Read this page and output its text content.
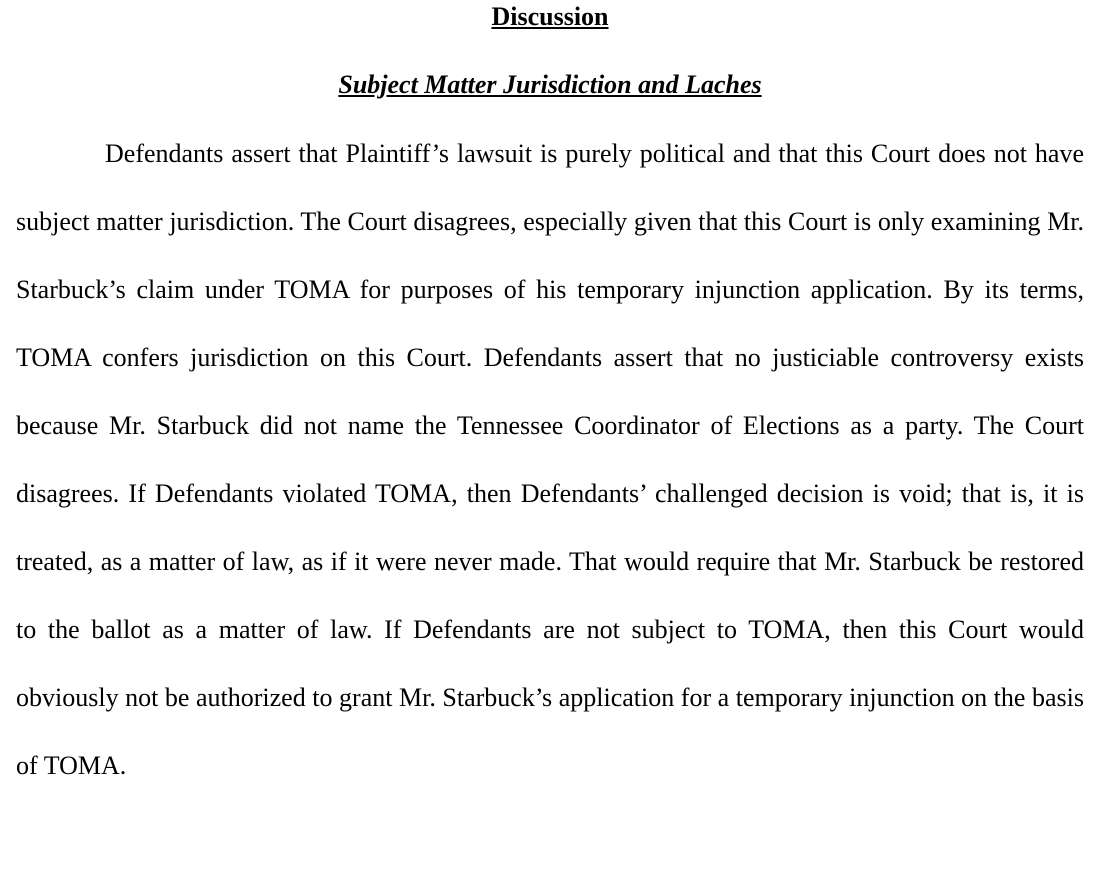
Discussion
Subject Matter Jurisdiction and Laches

Defendants assert that Plaintiff’s lawsuit is purely political and that this Court does not have subject matter jurisdiction. The Court disagrees, especially given that this Court is only examining Mr. Starbuck’s claim under TOMA for purposes of his temporary injunction application. By its terms, TOMA confers jurisdiction on this Court. Defendants assert that no justiciable controversy exists because Mr. Starbuck did not name the Tennessee Coordinator of Elections as a party. The Court disagrees. If Defendants violated TOMA, then Defendants’ challenged decision is void; that is, it is treated, as a matter of law, as if it were never made. That would require that Mr. Starbuck be restored to the ballot as a matter of law. If Defendants are not subject to TOMA, then this Court would obviously not be authorized to grant Mr. Starbuck’s application for a temporary injunction on the basis of TOMA.
